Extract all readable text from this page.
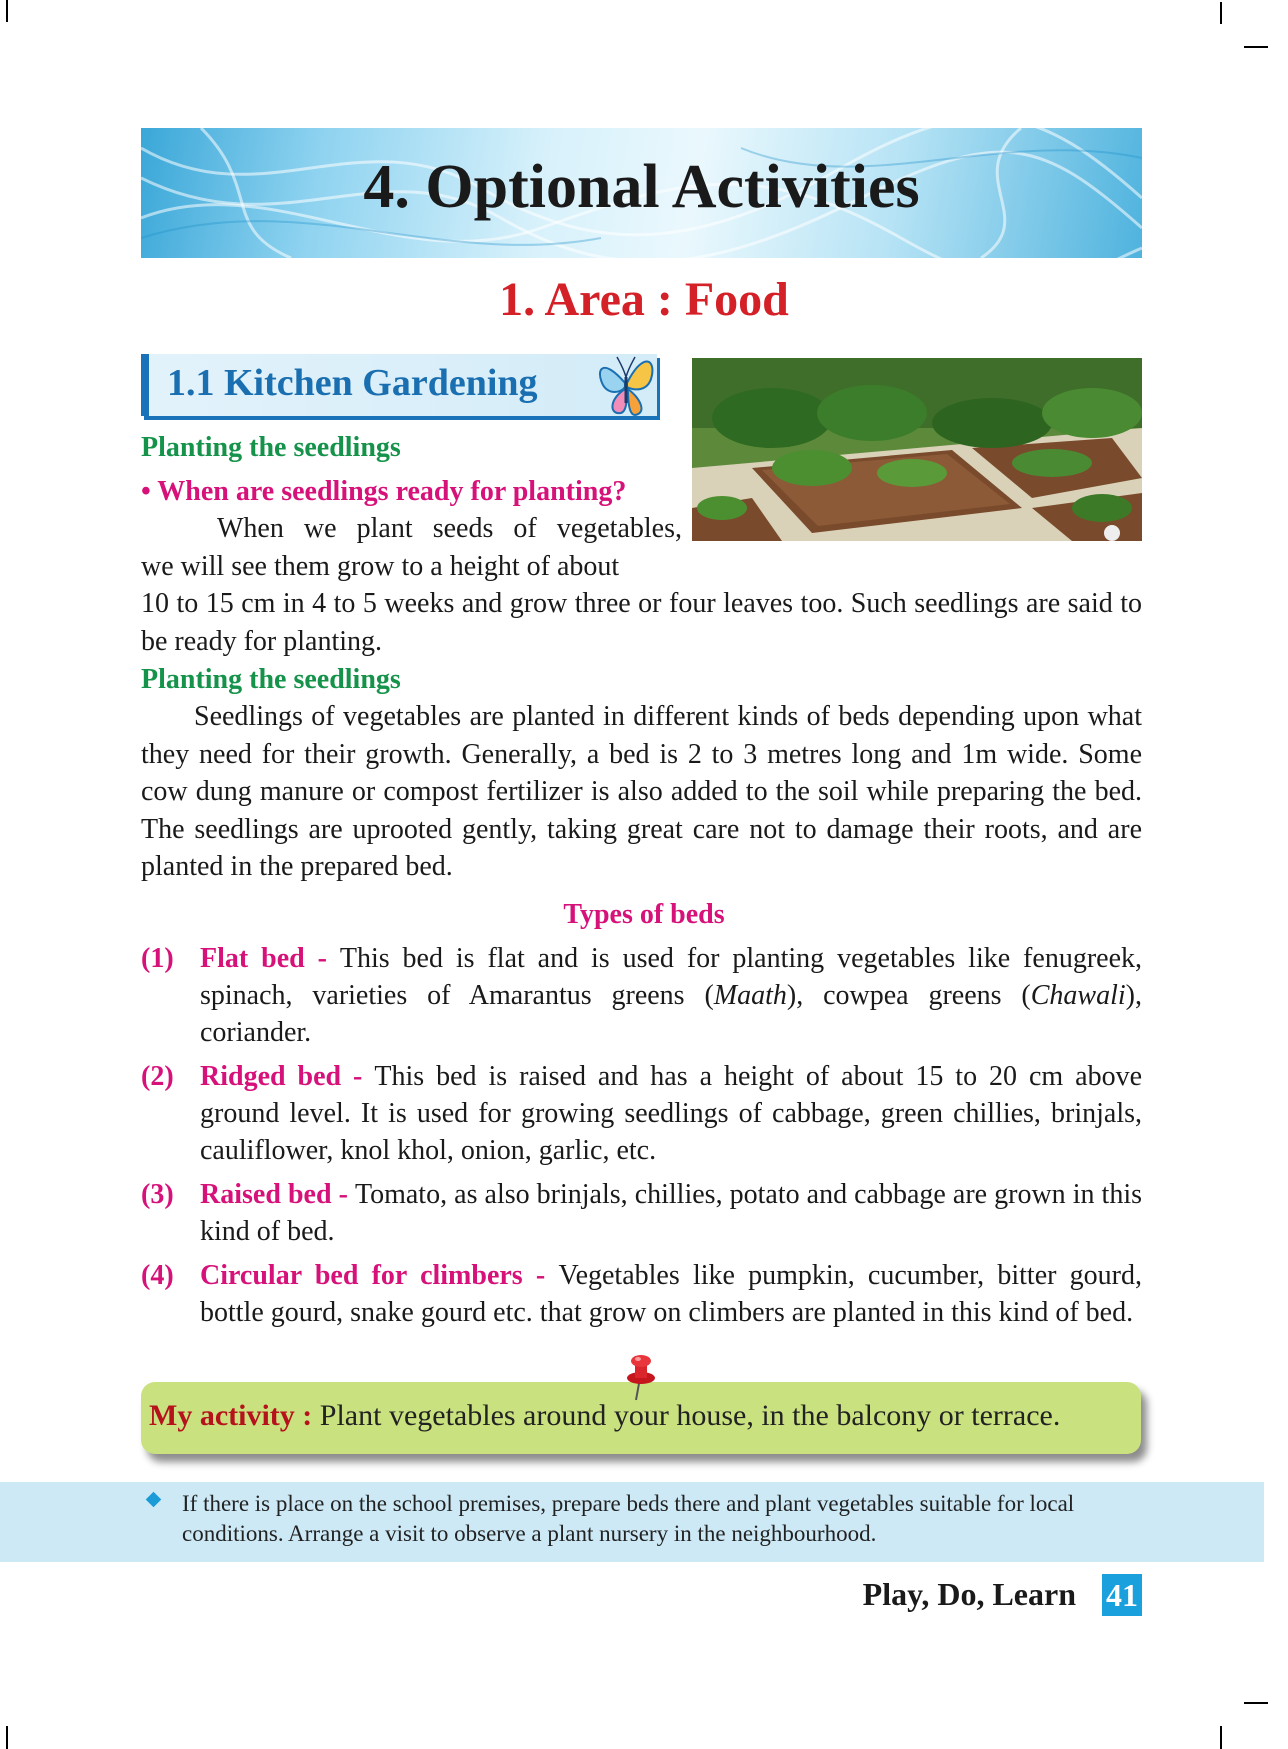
4. Optional Activities
1. Area : Food
1.1 Kitchen Gardening
Planting the seedlings
• When are seedlings ready for planting?
When we plant seeds of vegetables,
we will see them grow to a height of about
10 to 15 cm in 4 to 5 weeks and grow three or four leaves too. Such seedlings are said to be ready for planting.
Planting the seedlings
Seedlings of vegetables are planted in different kinds of beds depending upon what they need for their growth. Generally, a bed is 2 to 3 metres long and 1m wide. Some cow dung manure or compost fertilizer is also added to the soil while preparing the bed. The seedlings are uprooted gently, taking great care not to damage their roots, and are planted in the prepared bed.
Types of beds
(1) Flat bed - This bed is flat and is used for planting vegetables like fenugreek, spinach, varieties of Amarantus greens (Maath), cowpea greens (Chawali), coriander.
(2) Ridged bed - This bed is raised and has a height of about 15 to 20 cm above ground level. It is used for growing seedlings of cabbage, green chillies, brinjals, cauliflower, knol khol, onion, garlic, etc.
(3) Raised bed - Tomato, as also brinjals, chillies, potato and cabbage are grown in this kind of bed.
(4) Circular bed for climbers - Vegetables like pumpkin, cucumber, bitter gourd, bottle gourd, snake gourd etc. that grow on climbers are planted in this kind of bed.

My activity : Plant vegetables around your house, in the balcony or terrace.

If there is place on the school premises, prepare beds there and plant vegetables suitable for local conditions. Arrange a visit to observe a plant nursery in the neighbourhood.

Play, Do, Learn 41
